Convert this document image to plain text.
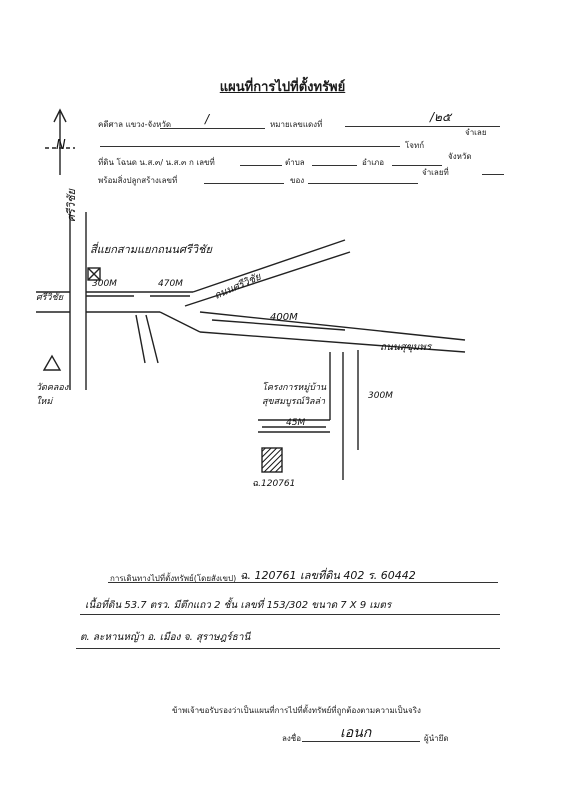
แผนที่การไปที่ตั้งทรัพย์
คดีศาล แขวง-จังหวัด	/	หมายเลขแดงที่
/๒๕
จำเลย
โจทก์
ที่ดิน โฉนด น.ส.๓/ น.ส.๓ ก เลขที่	ตำบล	อำเภอ
จังหวัด
พร้อมสิ่งปลูกสร้างเลขที่	ของ
จำเลยที่
N
ศรีวิชัย
ศรีวิชัย
สี่แยกสามแยกถนนศรีวิชัย
ถนนศรีวิชัย
300M	470M
400M
ถนนสุขุมพร
โครงการหมู่บ้าน สุขสมบูรณ์วิลล่า
300M
45M
ฉ.120761
วัดคลอง ใหม่
การเดินทางไปที่ตั้งทรัพย์(โดยสังเขป) ฉ. 120761 เลขที่ดิน 402 ร. 60442
เนื้อที่ดิน 53.7 ตรว. มีตึกแถว 2 ชั้น เลขที่ 153/302 ขนาด 7 X 9 เมตร
ต. ละหานหญ้า อ. เมือง จ. สุราษฎร์ธานี
ข้าพเจ้าขอรับรองว่าเป็นแผนที่การไปที่ตั้งทรัพย์ที่ถูกต้องตามความเป็นจริง
ลงชื่อ	เอนก	ผู้นำยึด
